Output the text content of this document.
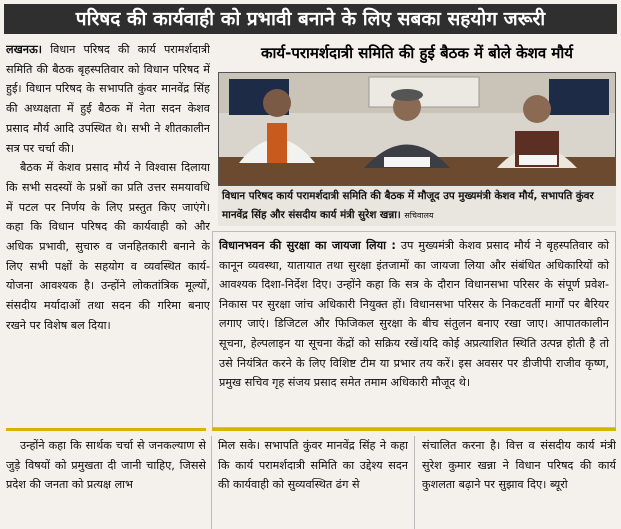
परिषद की कार्यवाही को प्रभावी बनाने के लिए सबका सहयोग जरूरी

लखनऊ। विधान परिषद की कार्य परामर्शदात्री समिति की बैठक बृहस्पतिवार को विधान परिषद में हुई। विधान परिषद के सभापति कुंवर मानवेंद्र सिंह की अध्यक्षता में हुई बैठक में नेता सदन केशव प्रसाद मौर्य आदि उपस्थित थे। सभी ने शीतकालीन सत्र पर चर्चा की।

बैठक में केशव प्रसाद मौर्य ने विश्वास दिलाया कि सभी सदस्यों के प्रश्नों का प्रति उत्तर समयावधि में पटल पर निर्णय के लिए प्रस्तुत किए जाएंगे। कहा कि विधान परिषद की कार्यवाही को और अधिक प्रभावी, सुचारु व जनहितकारी बनाने के लिए सभी पक्षों के सहयोग व व्यवस्थित कार्य-योजना आवश्यक है। उन्होंने लोकतांत्रिक मूल्यों, संसदीय मर्यादाओं तथा सदन की गरिमा बनाए रखने पर विशेष बल दिया।

कार्य-परामर्शदात्री समिति की हुई बैठक में बोले केशव मौर्य
विधान परिषद कार्य परामर्शदात्री समिति की बैठक में मौजूद उप मुख्यमंत्री केशव मौर्य, सभापति कुंवर मानवेंद्र सिंह और संसदीय कार्य मंत्री सुरेश खन्ना। सचिवालय
विधानभवन की सुरक्षा का जायजा लिया : उप मुख्यमंत्री केशव प्रसाद मौर्य ने बृहस्पतिवार को कानून व्यवस्था, यातायात तथा सुरक्षा इंतजामों का जायजा लिया और संबंधित अधिकारियों को आवश्यक दिशा-निर्देश दिए। उन्होंने कहा कि सत्र के दौरान विधानसभा परिसर के संपूर्ण प्रवेश-निकास पर सुरक्षा जांच अधिकारी नियुक्त हों। विधानसभा परिसर के निकटवर्ती मार्गों पर बैरियर लगाए जाएं। डिजिटल और फिजिकल सुरक्षा के बीच संतुलन बनाए रखा जाए। आपातकालीन सूचना, हेल्पलाइन या सूचना केंद्रों को सक्रिय रखें।यदि कोई अप्रत्याशित स्थिति उत्पन्न होती है तो उसे नियंत्रित करने के लिए विशिष्ट टीम या प्रभार तय करें। इस अवसर पर डीजीपी राजीव कृष्ण, प्रमुख सचिव गृह संजय प्रसाद समेत तमाम अधिकारी मौजूद थे।

उन्होंने कहा कि सार्थक चर्चा से जनकल्याण से जुड़े विषयों को प्रमुखता दी जानी चाहिए, जिससे प्रदेश की जनता को प्रत्यक्ष लाभ

मिल सके। सभापति कुंवर मानवेंद्र सिंह ने कहा कि कार्य परामर्शदात्री समिति का उद्देश्य सदन की कार्यवाही को सुव्यवस्थित ढंग से

संचालित करना है। वित्त व संसदीय कार्य मंत्री सुरेश कुमार खन्ना ने विधान परिषद की कार्य कुशलता बढ़ाने पर सुझाव दिए। ब्यूरो
